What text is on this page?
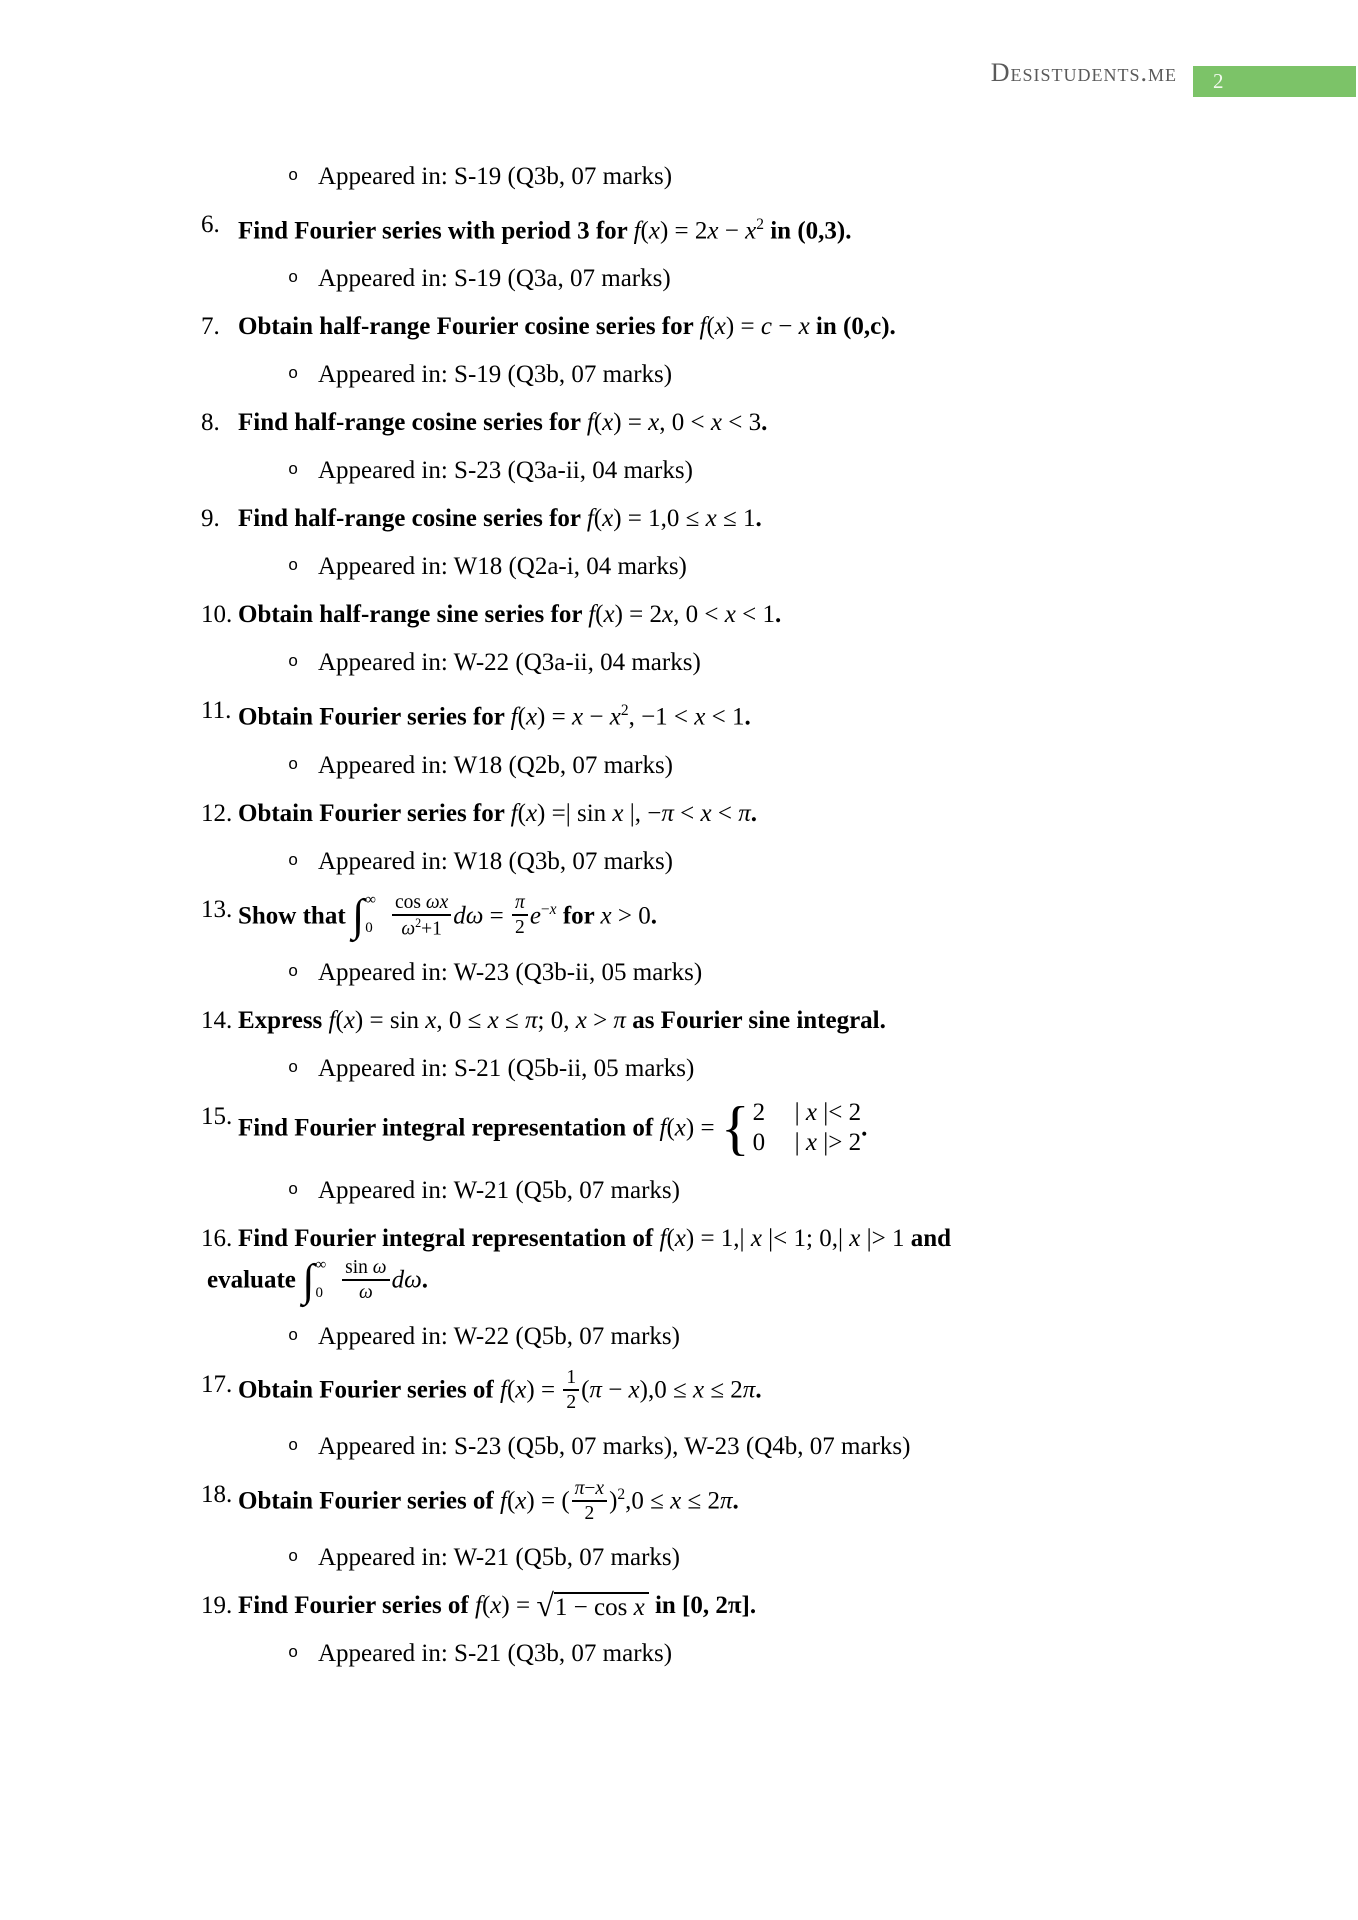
Desistudents.me	2
o Appeared in: S-19 (Q3b, 07 marks)
6. Find Fourier series with period 3 for $f(x) = 2x - x^2$ in (0,3).
o Appeared in: S-19 (Q3a, 07 marks)
7. Obtain half-range Fourier cosine series for f(x) = c − x in (0,c).
o Appeared in: S-19 (Q3b, 07 marks)
8. Find half-range cosine series for f(x) = x, 0 < x < 3.
o Appeared in: S-23 (Q3a-ii, 04 marks)
9. Find half-range cosine series for f(x) = 1,0 ≤ x ≤ 1.
o Appeared in: W18 (Q2a-i, 04 marks)
10. Obtain half-range sine series for f(x) = 2x, 0 < x < 1.
o Appeared in: W-22 (Q3a-ii, 04 marks)
11. Obtain Fourier series for $f(x) = x - x^2$, −1 < x < 1.
o Appeared in: W18 (Q2b, 07 marks)
12. Obtain Fourier series for f(x) =| sin x |, −π < x < π.
o Appeared in: W18 (Q3b, 07 marks)
13. Show that ∫ ∞
$0 \frac{\text{cos ωx}}{\omega^2+1}$ $d\omega = \frac{\pi}{2} e^{-x}$ for x > 0.
o Appeared in: W-23 (Q3b-ii, 05 marks)
14. Express f(x) = sin x, 0 ≤ x ≤ π; 0, x > π as Fourier sine integral.
o Appeared in: S-21 (Q5b-ii, 05 marks)
15. Find Fourier integral representation of f(x) = { 2	| x |< 2
0	| x |> 2
.
o Appeared in: W-21 (Q5b, 07 marks)
16. Find Fourier integral representation of f(x) = 1,| x |< 1; 0,| x |> 1 and
evaluate ∫ ∞
$0 \frac{\text{sin ω}}{\omega} d\omega$.
o Appeared in: W-22 (Q5b, 07 marks)
17. Obtain Fourier series of $f(x) = \frac{1}{2} (\pi - x),0 \le x \le 2\pi$.
o Appeared in: S-23 (Q5b, 07 marks), W-23 (Q4b, 07 marks)
18. Obtain Fourier series of f(x) = ( $\frac{\pi-x}{2} )^2,0 \le x \le 2\pi$.
o Appeared in: W-21 (Q5b, 07 marks)
19. Find Fourier series of f(x) = √ 1 − cos x in [0, 2π].
o Appeared in: S-21 (Q3b, 07 marks)
